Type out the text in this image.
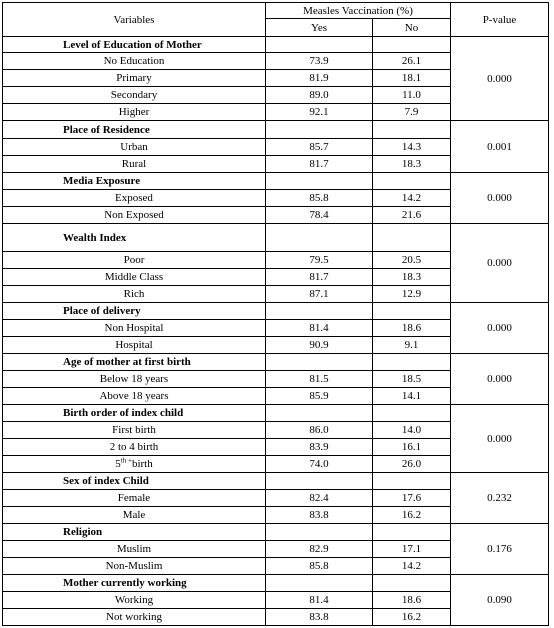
Variables	Measles Vaccination (%)		P-value
	Yes	No	
Level of Education of Mother			0.000
No Education	73.9	26.1	
Primary	81.9	18.1	
Secondary	89.0	11.0	
Higher	92.1	7.9	
Place of Residence			0.001
Urban	85.7	14.3	
Rural	81.7	18.3	
Media Exposure			0.000
Exposed	85.8	14.2	
Non Exposed	78.4	21.6	
Wealth Index			0.000
Poor	79.5	20.5	
Middle Class	81.7	18.3	
Rich	87.1	12.9	
Place of delivery			0.000
Non Hospital	81.4	18.6	
Hospital	90.9	9.1	
Age of mother at first birth			0.000
Below 18 years	81.5	18.5	
Above 18 years	85.9	14.1	
Birth order of index child			0.000
First birth	86.0	14.0	
2 to 4 birth	83.9	16.1	
$5^{th +}birth$	74.0	26.0	
Sex of index Child			0.232
Female	82.4	17.6	
Male	83.8	16.2	
Religion			0.176
Muslim	82.9	17.1	
Non-Muslim	85.8	14.2	
Mother currently working			0.090
Working	81.4	18.6	
Not working	83.8	16.2	
